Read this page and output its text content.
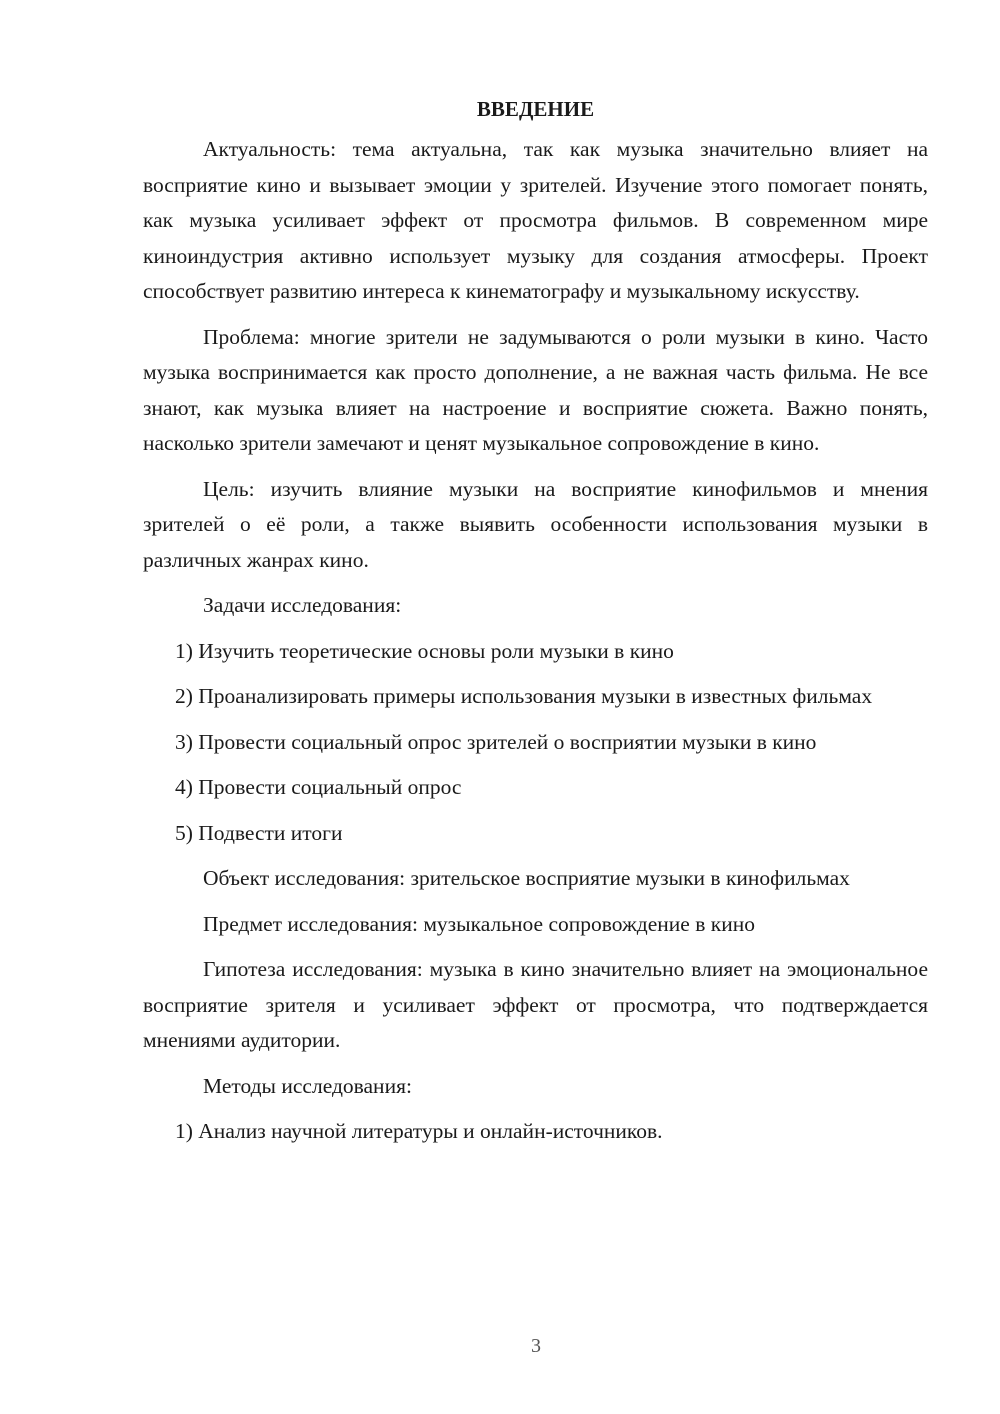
ВВЕДЕНИЕ

Актуальность: тема актуальна, так как музыка значительно влияет на восприятие кино и вызывает эмоции у зрителей. Изучение этого помогает понять, как музыка усиливает эффект от просмотра фильмов. В современном мире киноиндустрия активно использует музыку для создания атмосферы. Проект способствует развитию интереса к кинематографу и музыкальному искусству.

Проблема: многие зрители не задумываются о роли музыки в кино. Часто музыка воспринимается как просто дополнение, а не важная часть фильма. Не все знают, как музыка влияет на настроение и восприятие сюжета. Важно понять, насколько зрители замечают и ценят музыкальное сопровождение в кино.

Цель: изучить влияние музыки на восприятие кинофильмов и мнения зрителей о её роли, а также выявить особенности использования музыки в различных жанрах кино.

Задачи исследования:

1) Изучить теоретические основы роли музыки в кино

2) Проанализировать примеры использования музыки в известных фильмах

3) Провести социальный опрос зрителей о восприятии музыки в кино

4) Провести социальный опрос

5) Подвести итоги

Объект исследования: зрительское восприятие музыки в кинофильмах

Предмет исследования: музыкальное сопровождение в кино

Гипотеза исследования: музыка в кино значительно влияет на эмоциональное восприятие зрителя и усиливает эффект от просмотра, что подтверждается мнениями аудитории.

Методы исследования:

1) Анализ научной литературы и онлайн-источников.

3
